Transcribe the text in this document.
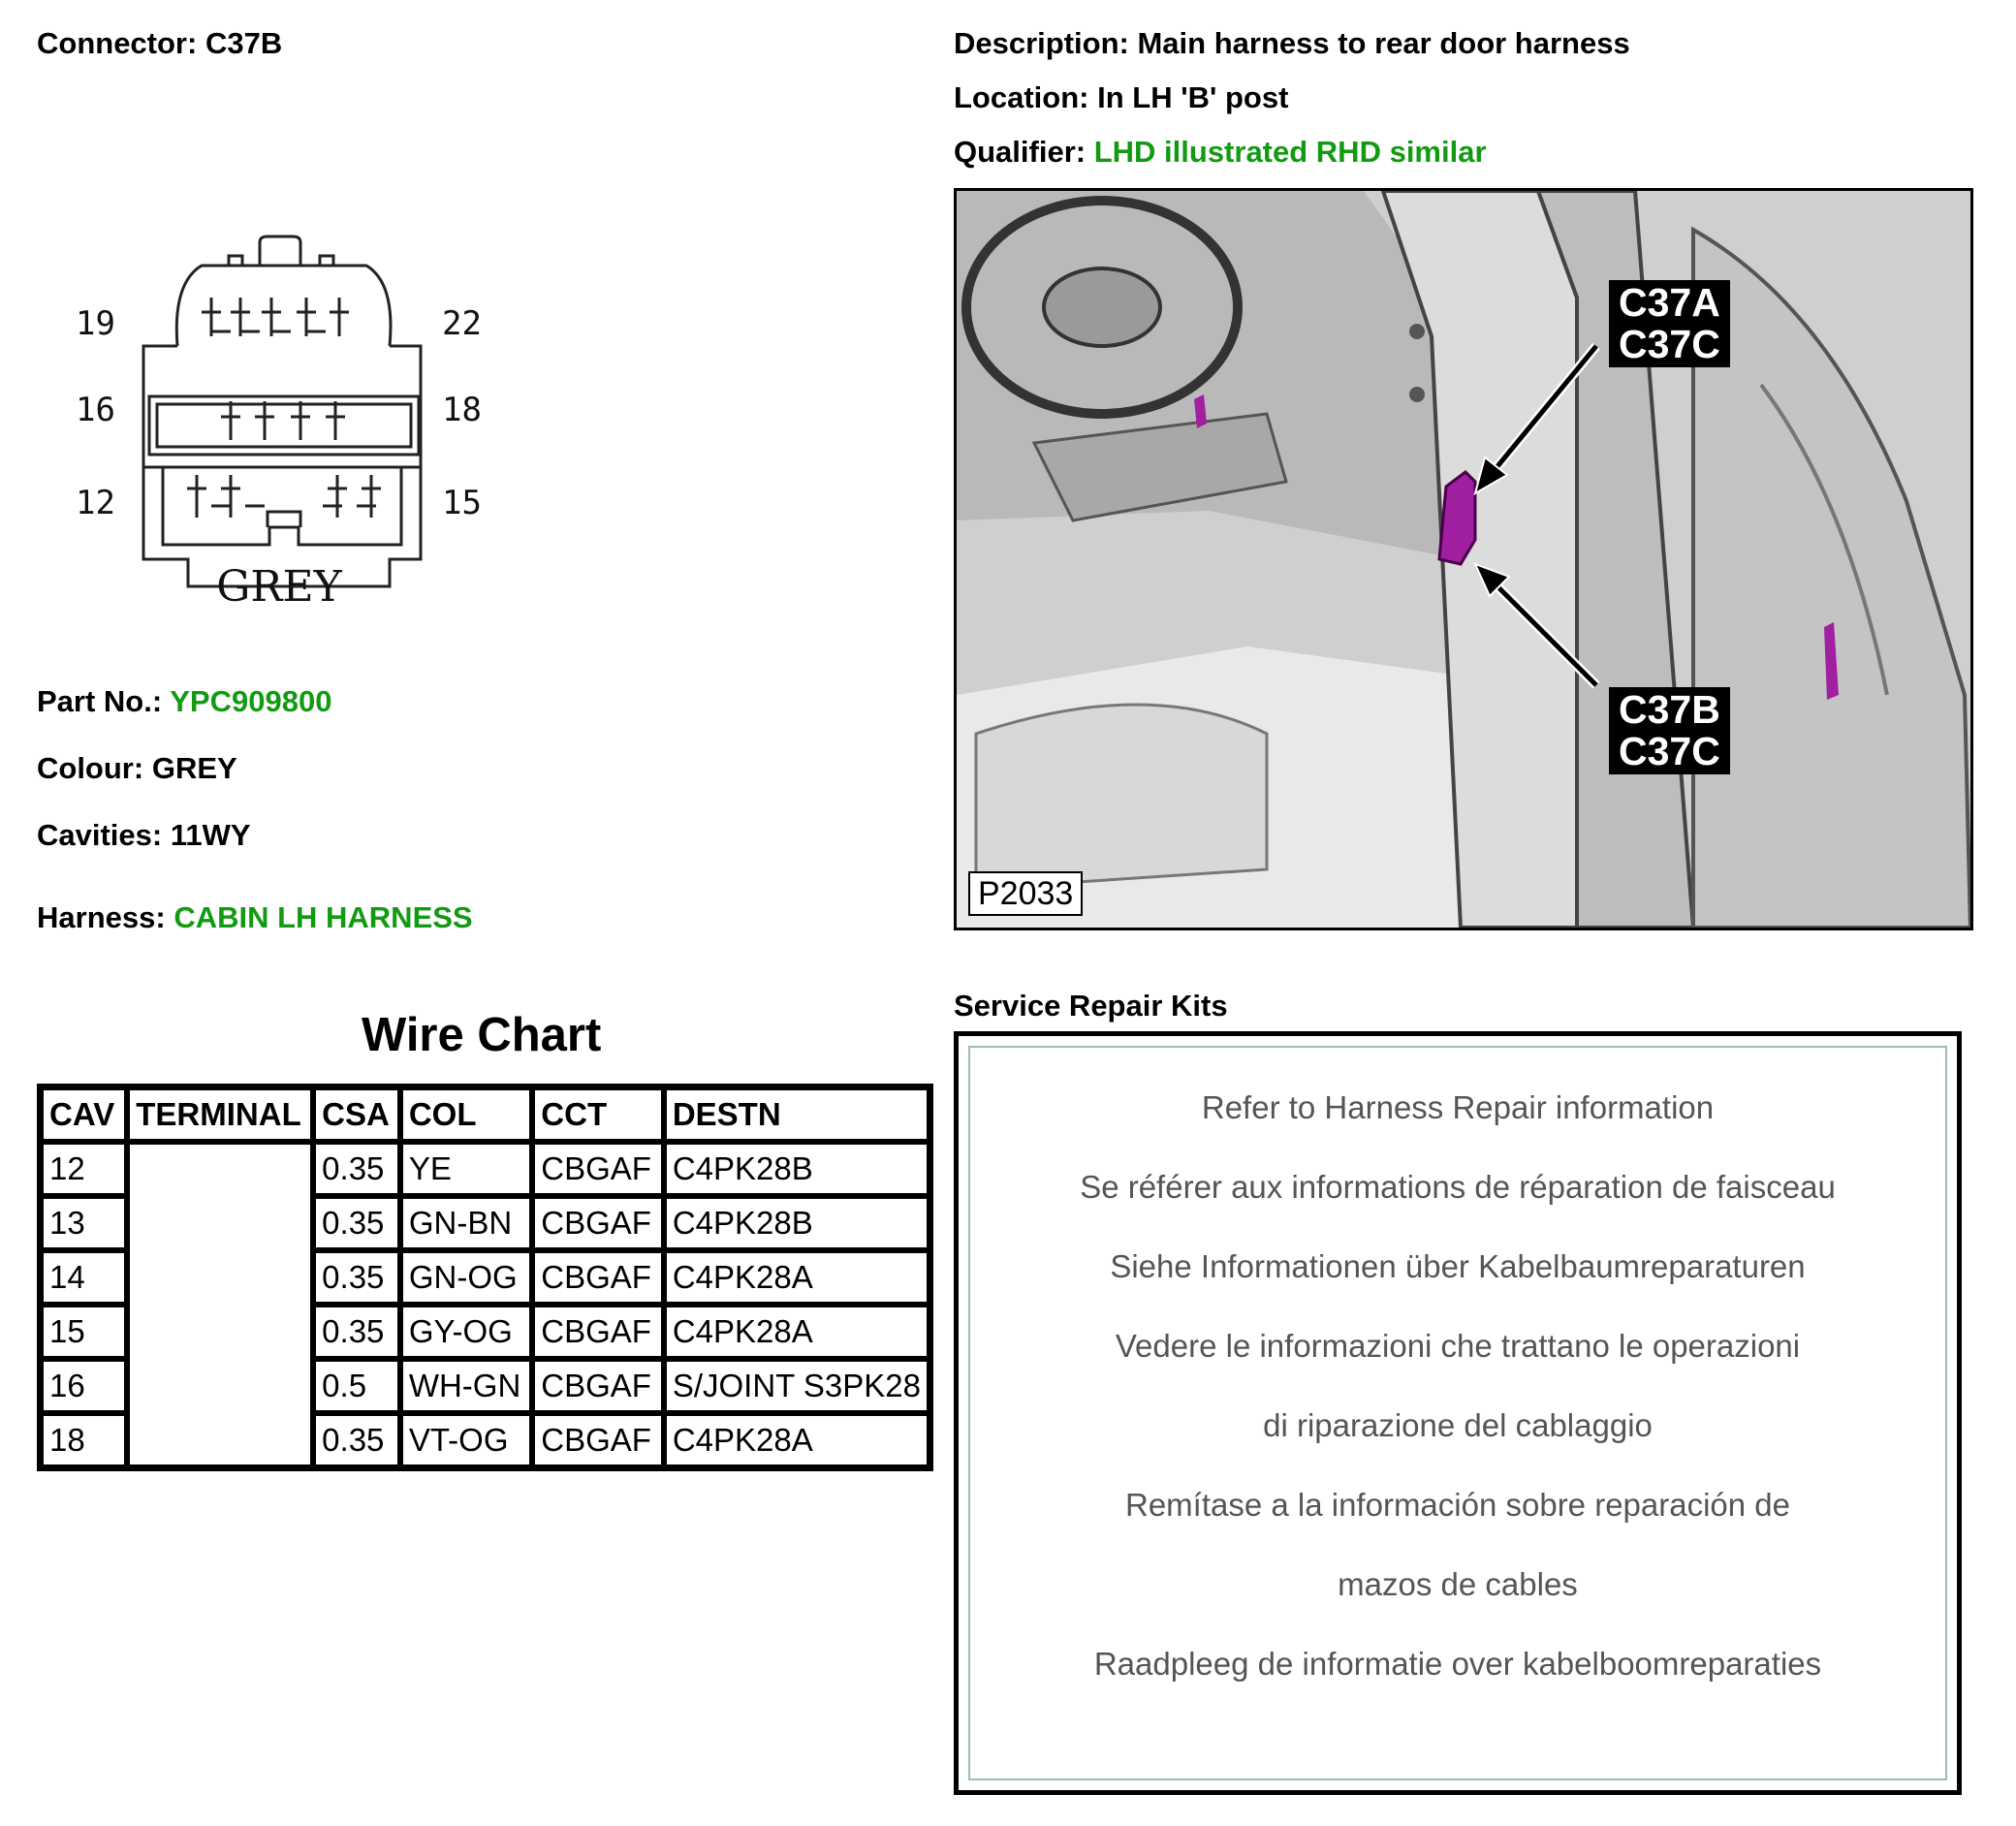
Connector: C37B	Description: Main harness to rear door harness
Location: In LH 'B' post
Qualifier: LHD illustrated RHD similar
19	22
16	18
12	15
GREY
Part No.: YPC909800
Colour: GREY
Cavities: 11WY
Harness: CABIN LH HARNESS
Wire Chart
CAV	TERMINAL	CSA	COL	CCT	DESTN
12		0.35	YE	CBGAF	C4PK28B
13		0.35	GN-BN	CBGAF	C4PK28B
14		0.35	GN-OG	CBGAF	C4PK28A
15		0.35	GY-OG	CBGAF	C4PK28A
16		0.5	WH-GN	CBGAF	S/JOINT S3PK28
18		0.35	VT-OG	CBGAF	C4PK28A
C37A
C37C
C37B
C37C
P2033
Service Repair Kits
Refer to Harness Repair information
Se référer aux informations de réparation de faisceau
Siehe Informationen über Kabelbaumreparaturen
Vedere le informazioni che trattano le operazioni
di riparazione del cablaggio
Remítase a la información sobre reparación de
mazos de cables
Raadpleeg de informatie over kabelboomreparaties
